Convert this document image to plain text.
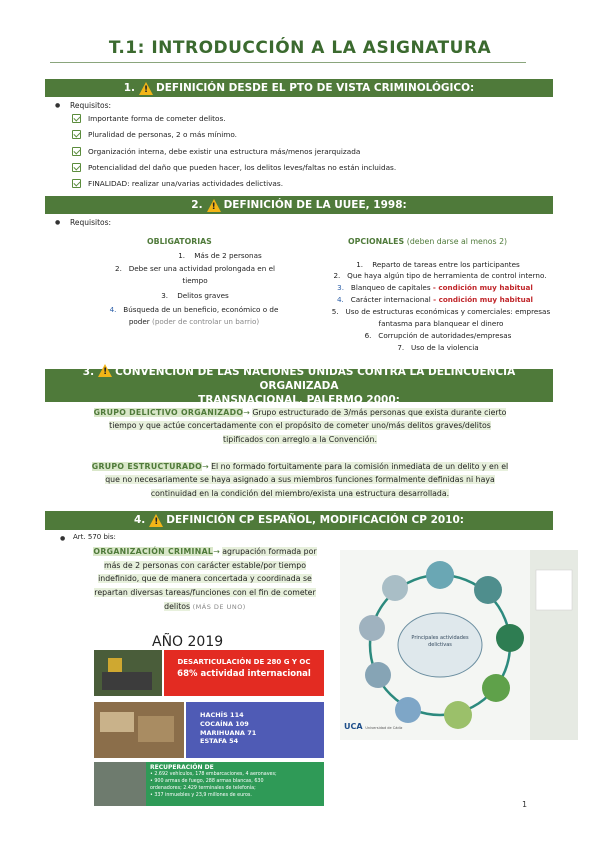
T.1: INTRODUCCIÓN A LA ASIGNATURA
1. ! DEFINICIÓN DESDE EL PTO DE VISTA CRIMINOLÓGICO:
● Requisitos:
Importante forma de cometer delitos.
Pluralidad de personas, 2 o más mínimo.
Organización interna, debe existir una estructura más/menos jerarquizada
Potencialidad del daño que pueden hacer, los delitos leves/faltas no están incluidas.
FINALIDAD: realizar una/varias actividades delictivas.
2. ! DEFINICIÓN DE LA UUEE, 1998:
● Requisitos:
OBLIGATORIAS
1. Más de 2 personas
2. Debe ser una actividad prolongada en el
tiempo
3. Delitos graves
4. Búsqueda de un beneficio, económico o de
poder (poder de controlar un barrio)
OPCIONALES (deben darse al menos 2)
1. Reparto de tareas entre los participantes
2. Que haya algún tipo de herramienta de control interno.
3. Blanqueo de capitales - condición muy habitual
4. Carácter internacional - condición muy habitual
5. Uso de estructuras económicas y comerciales: empresas
fantasma para blanquear el dinero
6. Corrupción de autoridades/empresas
7. Uso de la violencia
3. ! CONVENCIÓN DE LAS NACIONES UNIDAS CONTRA LA DELINCUENCIA ORGANIZADA
TRANSNACIONAL, PALERMO 2000:
GRUPO DELICTIVO ORGANIZADO→ Grupo estructurado de 3/más personas que exista durante cierto
tiempo y que actúe concertadamente con el propósito de cometer uno/más delitos graves/delitos
tipificados con arreglo a la Convención.
GRUPO ESTRUCTURADO→ El no formado fortuitamente para la comisión inmediata de un delito y en el
que no necesariamente se haya asignado a sus miembros funciones formalmente definidas ni haya
continuidad en la condición del miembro/exista una estructura desarrollada.
4. ! DEFINICIÓN CP ESPAÑOL, MODIFICACIÓN CP 2010:
● Art. 570 bis:
ORGANIZACIÓN CRIMINAL→ agrupación formada por
más de 2 personas con carácter estable/por tiempo
indefinido, que de manera concertada y coordinada se
repartan diversas tareas/funciones con el fin de cometer
delitos (MÁS DE UNO)
AÑO 2019
DESARTICULACIÓN DE 280 G Y OC
68% actividad internacional
HACHÍS 114
COCAÍNA 109
MARIHUANA 71
ESTAFA 54
RECUPERACIÓN DE
• 2.692 vehículos, 178 embarcaciones, 4 aeronaves;
• 900 armas de fuego, 288 armas blancas, 630
ordenadores; 2.429 terminales de telefonía;
• 337 inmuebles y 23,9 millones de euros.
Principales actividades delictivas
UCA Universidad de Cádiz
1
